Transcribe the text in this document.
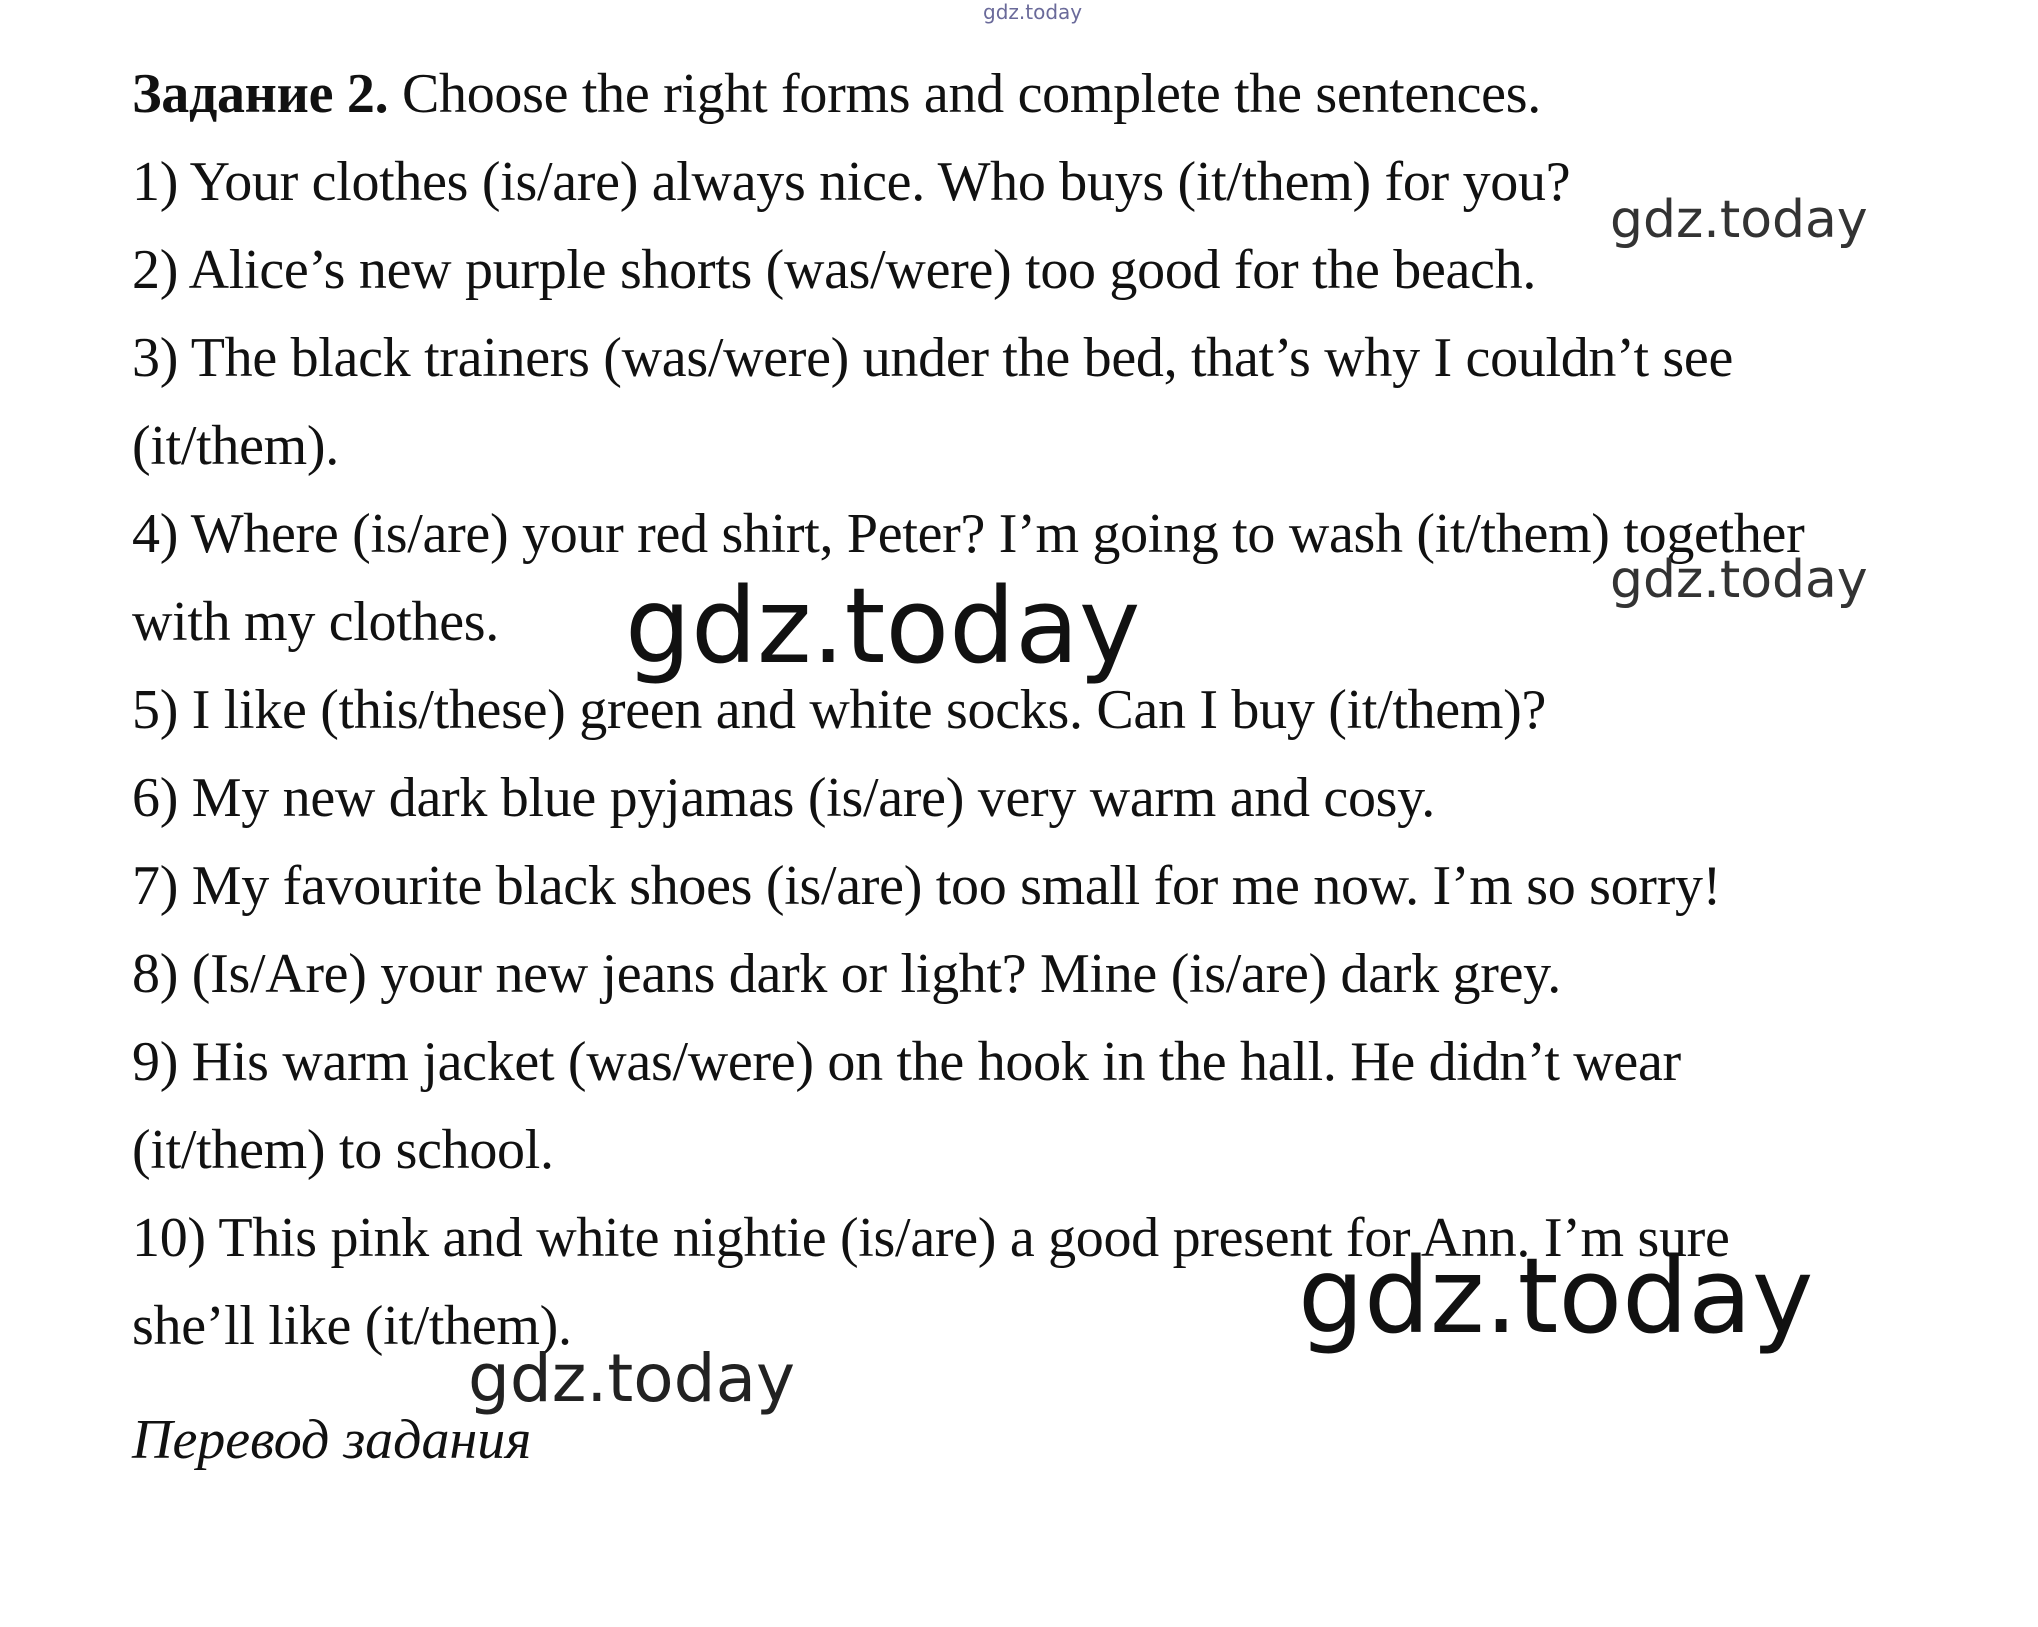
gdz.today

Задание 2. Choose the right forms and complete the sentences.

1) Your clothes (is/are) always nice. Who buys (it/them) for you?

2) Alice’s new purple shorts (was/were) too good for the beach.

3) The black trainers (was/were) under the bed, that’s why I couldn’t see

(it/them).

4) Where (is/are) your red shirt, Peter? I’m going to wash (it/them) together

with my clothes.

5) I like (this/these) green and white socks. Can I buy (it/them)?

6) My new dark blue pyjamas (is/are) very warm and cosy.

7) My favourite black shoes (is/are) too small for me now. I’m so sorry!

8) (Is/Are) your new jeans dark or light? Mine (is/are) dark grey.

9) His warm jacket (was/were) on the hook in the hall. He didn’t wear

(it/them) to school.

10) This pink and white nightie (is/are) a good present for Ann. I’m sure

she’ll like (it/them).

Перевод задания

gdz.today
gdz.today
gdz.today
gdz.today
gdz.today
